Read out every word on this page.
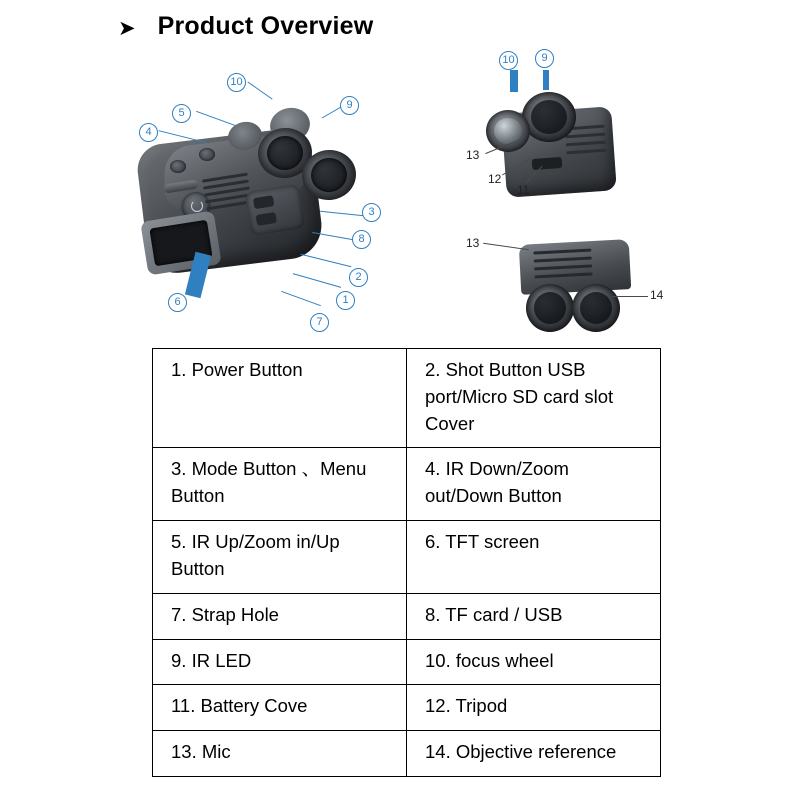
➤ Product Overview
10
9
5
4
3
8
2
1
6
7
10	9
13
12
11
13
14
1. Power Button	2. Shot Button USB port/Micro SD card slot Cover
3. Mode Button 、Menu Button	4. IR Down/Zoom out/Down Button
5. IR Up/Zoom in/Up Button	6. TFT screen
7. Strap Hole	8. TF card / USB
9. IR LED	10. focus wheel
11. Battery Cove	12. Tripod
13. Mic	14. Objective reference
